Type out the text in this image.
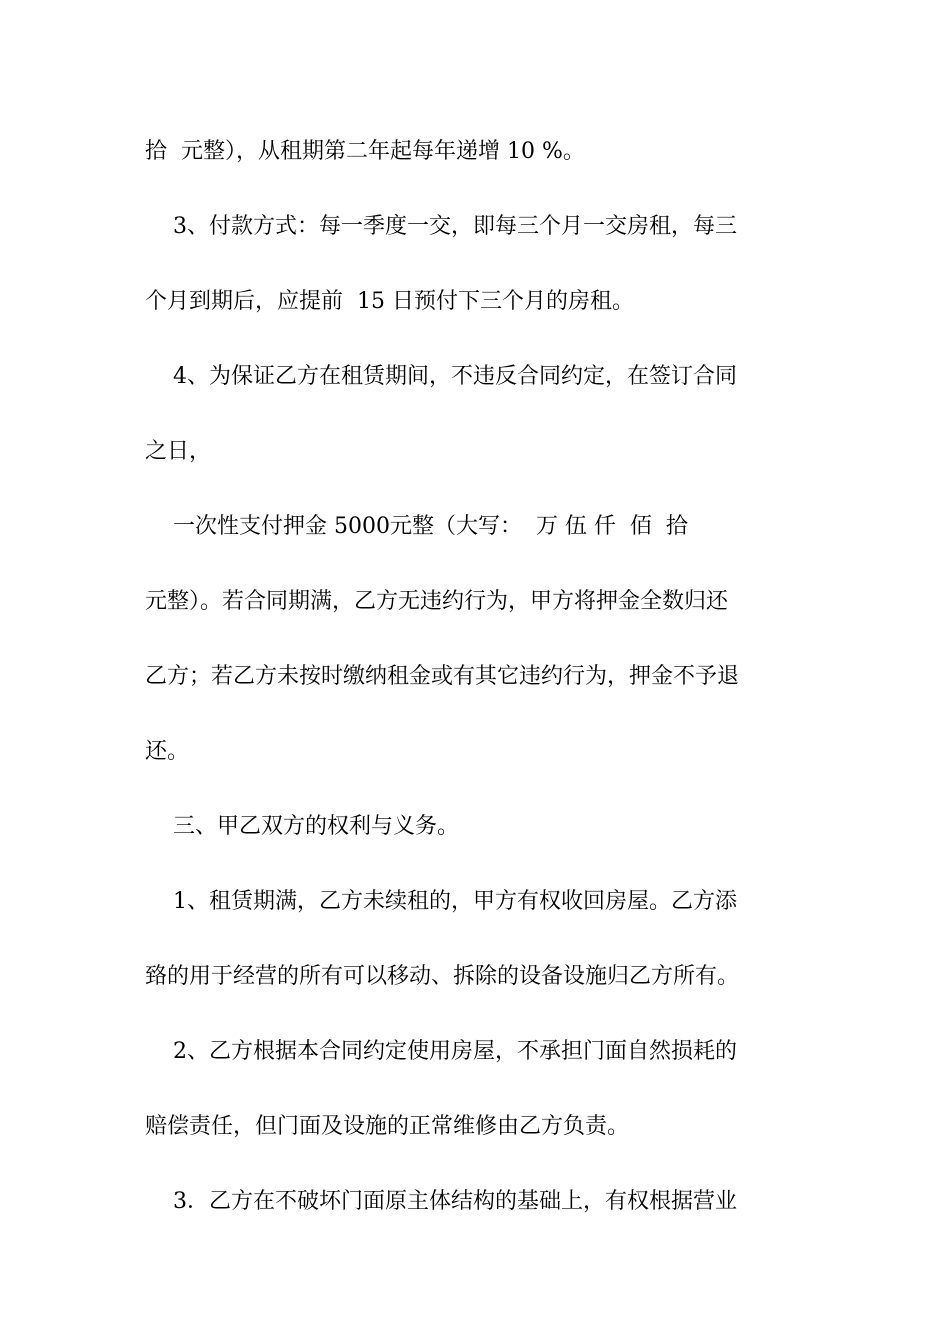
拾  元整），从租期第二年起每年递增 10 %。
3、付款方式：每一季度一交，即每三个月一交房租，每三
个月到期后，应提前  15 日预付下三个月的房租。
4、为保证乙方在租赁期间，不违反合同约定，在签订合同
之日，
一次性支付押金 5000元整（大写：  万 伍 仟  佰  拾
元整）。若合同期满，乙方无违约行为，甲方将押金全数归还
乙方；若乙方未按时缴纳租金或有其它违约行为，押金不予退
还。
三、甲乙双方的权利与义务。
1、租赁期满，乙方未续租的，甲方有权收回房屋。乙方添
臵的用于经营的所有可以移动、拆除的设备设施归乙方所有。
2、乙方根据本合同约定使用房屋，不承担门面自然损耗的
赔偿责任，但门面及设施的正常维修由乙方负责。
3．乙方在不破坏门面原主体结构的基础上，有权根据营业
